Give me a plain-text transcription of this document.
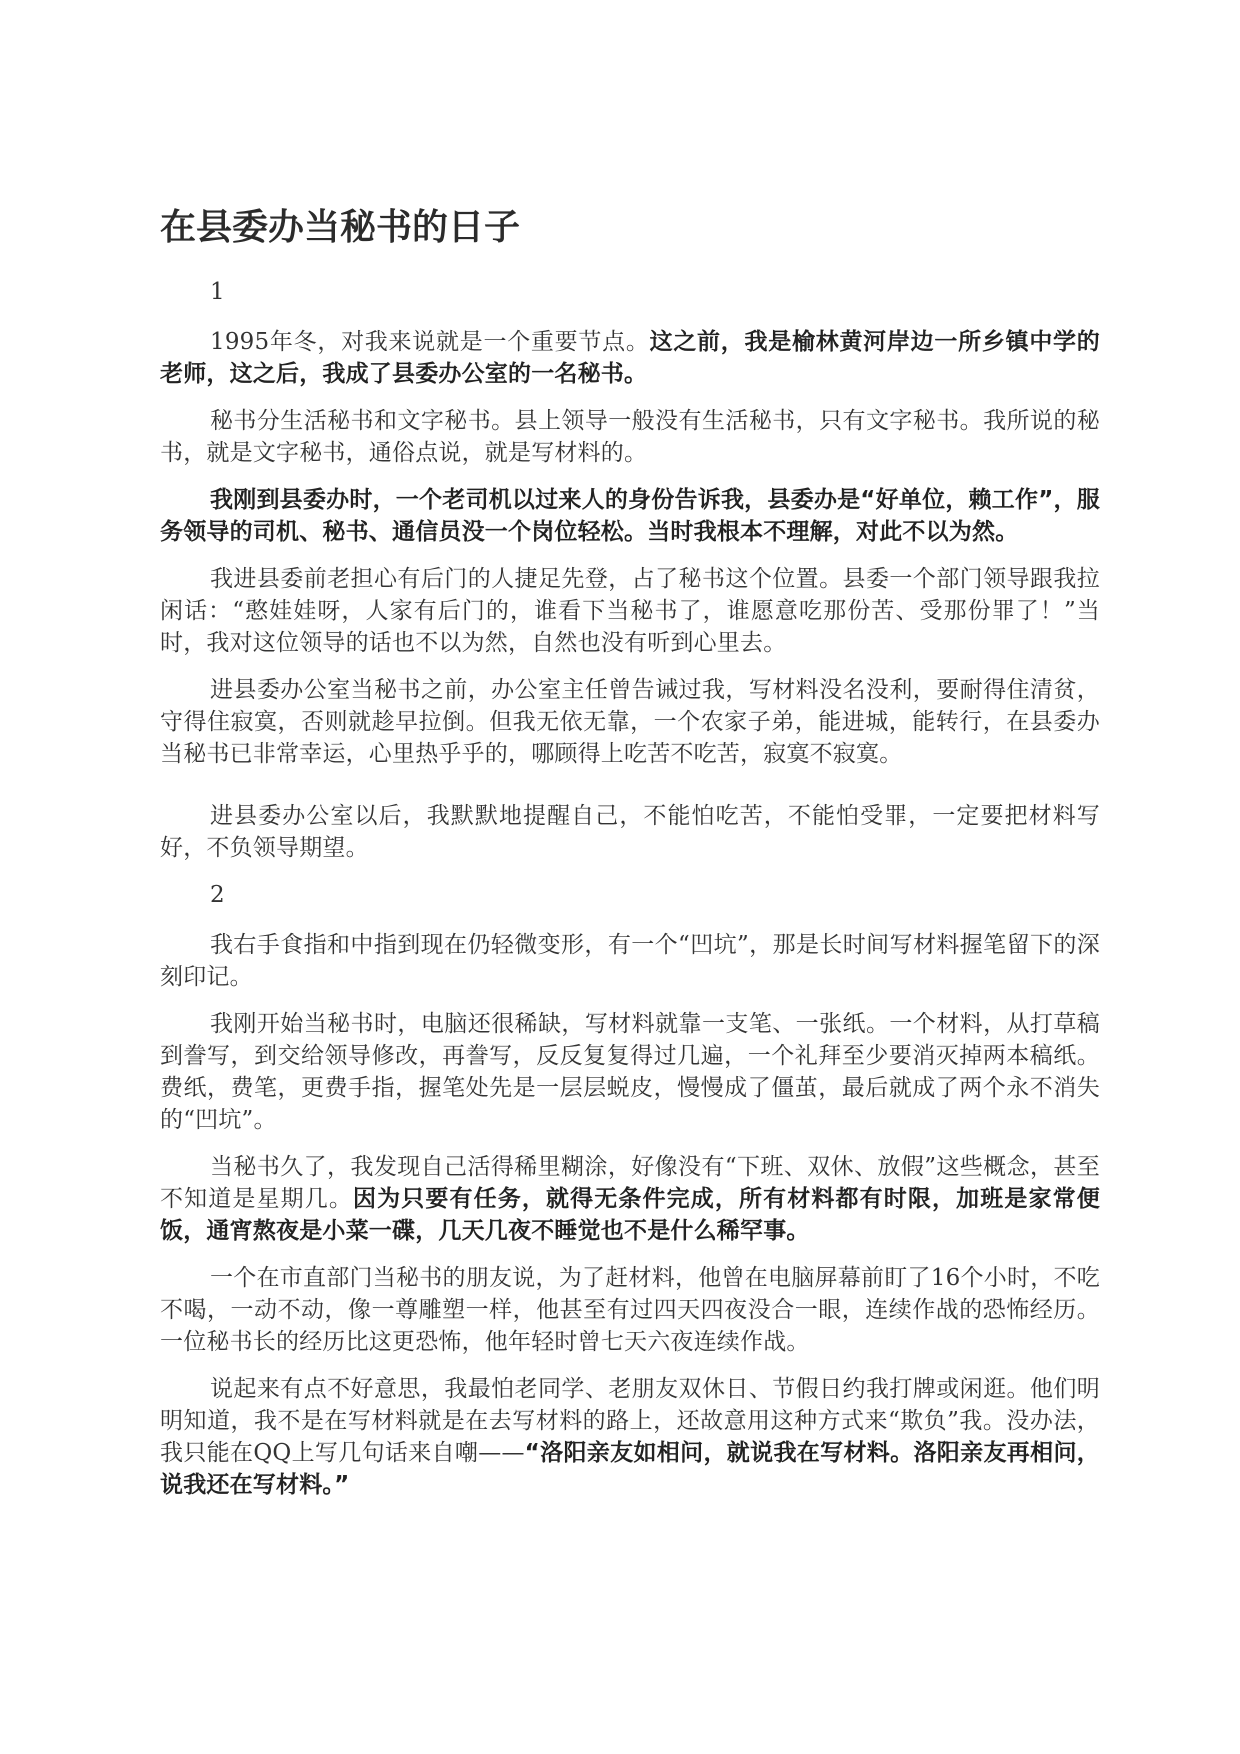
在县委办当秘书的日子
1

1995年冬，对我来说就是一个重要节点。这之前，我是榆林黄河岸边一所乡镇中学的老师，这之后，我成了县委办公室的一名秘书。

秘书分生活秘书和文字秘书。县上领导一般没有生活秘书，只有文字秘书。我所说的秘书，就是文字秘书，通俗点说，就是写材料的。

我刚到县委办时，一个老司机以过来人的身份告诉我，县委办是“好单位，赖工作”，服务领导的司机、秘书、通信员没一个岗位轻松。当时我根本不理解，对此不以为然。

我进县委前老担心有后门的人捷足先登，占了秘书这个位置。县委一个部门领导跟我拉闲话：“憨娃娃呀，人家有后门的，谁看下当秘书了，谁愿意吃那份苦、受那份罪了！”当时，我对这位领导的话也不以为然，自然也没有听到心里去。

进县委办公室当秘书之前，办公室主任曾告诫过我，写材料没名没利，要耐得住清贫，守得住寂寞，否则就趁早拉倒。但我无依无靠，一个农家子弟，能进城，能转行，在县委办当秘书已非常幸运，心里热乎乎的，哪顾得上吃苦不吃苦，寂寞不寂寞。

进县委办公室以后，我默默地提醒自己，不能怕吃苦，不能怕受罪，一定要把材料写好，不负领导期望。

2

我右手食指和中指到现在仍轻微变形，有一个“凹坑”，那是长时间写材料握笔留下的深刻印记。

我刚开始当秘书时，电脑还很稀缺，写材料就靠一支笔、一张纸。一个材料，从打草稿到誊写，到交给领导修改，再誊写，反反复复得过几遍，一个礼拜至少要消灭掉两本稿纸。费纸，费笔，更费手指，握笔处先是一层层蜕皮，慢慢成了僵茧，最后就成了两个永不消失的“凹坑”。

当秘书久了，我发现自己活得稀里糊涂，好像没有“下班、双休、放假”这些概念，甚至不知道是星期几。因为只要有任务，就得无条件完成，所有材料都有时限，加班是家常便饭，通宵熬夜是小菜一碟，几天几夜不睡觉也不是什么稀罕事。

一个在市直部门当秘书的朋友说，为了赶材料，他曾在电脑屏幕前盯了16个小时，不吃不喝，一动不动，像一尊雕塑一样，他甚至有过四天四夜没合一眼，连续作战的恐怖经历。一位秘书长的经历比这更恐怖，他年轻时曾七天六夜连续作战。

说起来有点不好意思，我最怕老同学、老朋友双休日、节假日约我打牌或闲逛。他们明明知道，我不是在写材料就是在去写材料的路上，还故意用这种方式来“欺负”我。没办法，我只能在QQ上写几句话来自嘲——“洛阳亲友如相问，就说我在写材料。洛阳亲友再相问，说我还在写材料。”
